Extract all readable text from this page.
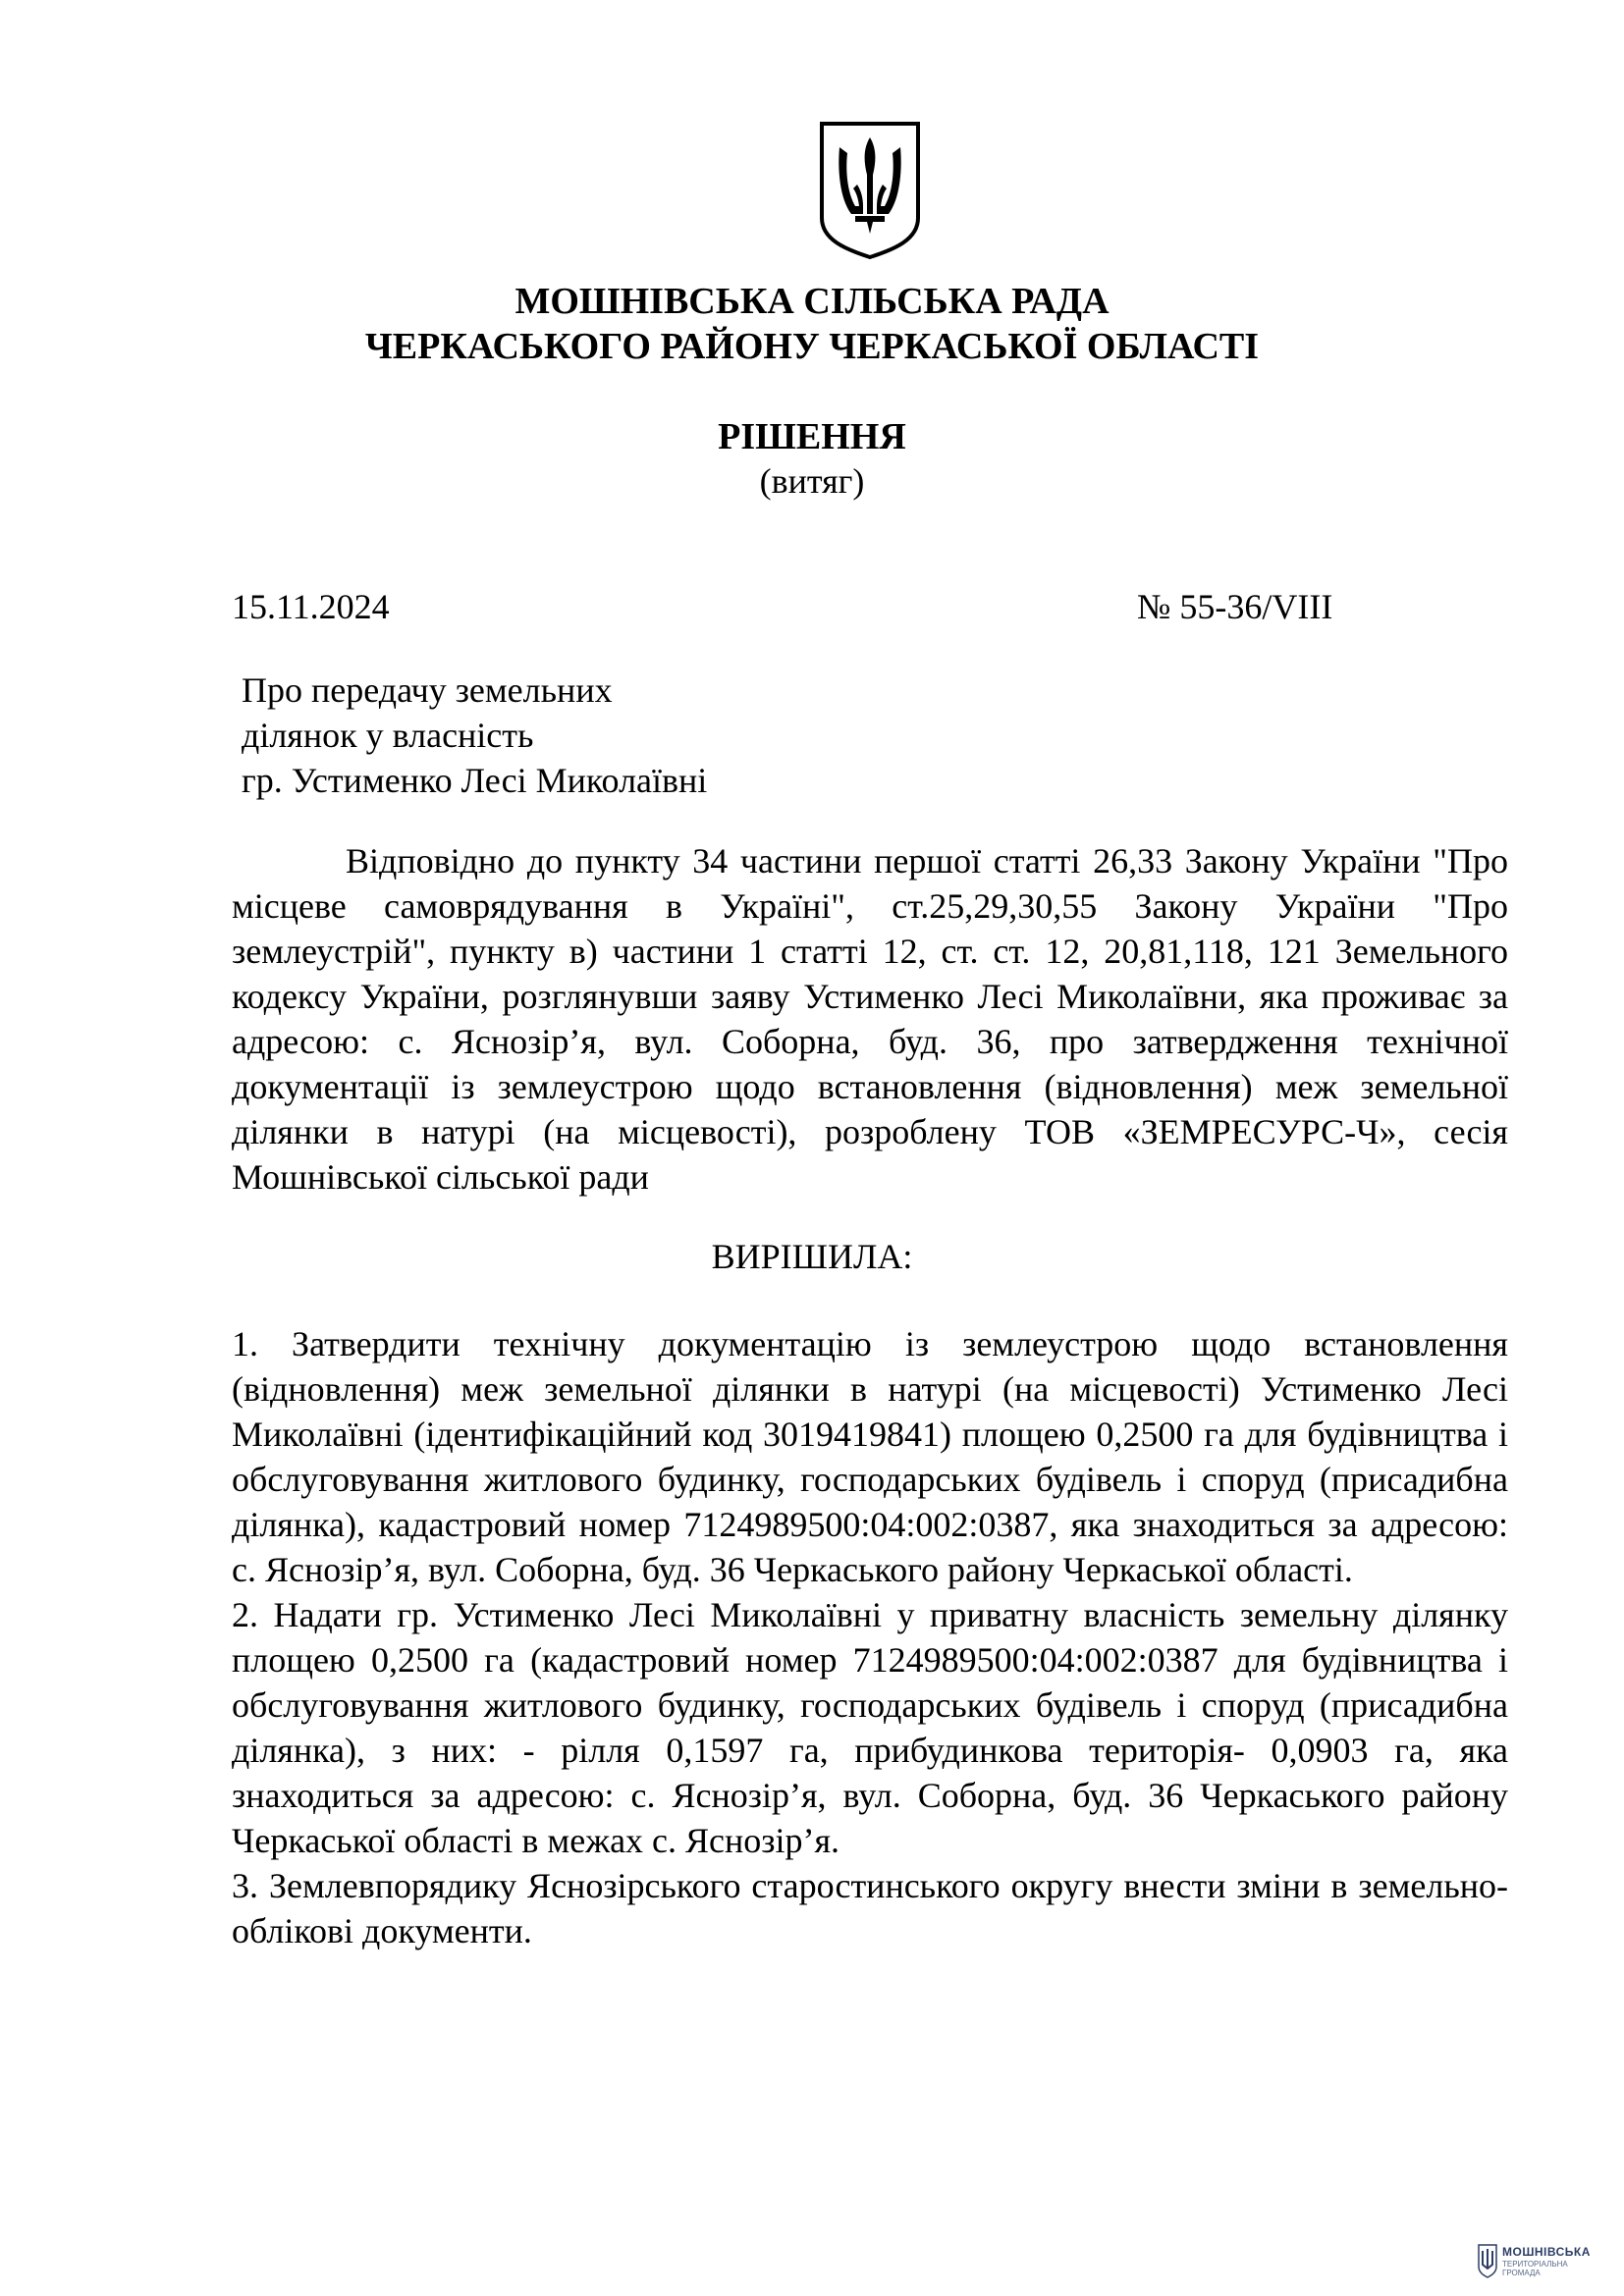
МОШНІВСЬКА СІЛЬСЬКА РАДА
ЧЕРКАСЬКОГО РАЙОНУ ЧЕРКАСЬКОЇ ОБЛАСТІ
РІШЕННЯ
(витяг)
15.11.2024	№ 55-36/VIII
Про передачу земельних
ділянок у власність
гр. Устименко Лесі Миколаївні

Відповідно до пункту 34 частини першої статті 26,33 Закону України "Про місцеве самоврядування в Україні", ст.25,29,30,55 Закону України "Про землеустрій", пункту в) частини 1 статті 12, ст. ст. 12, 20,81,118, 121 Земельного кодексу України, розглянувши заяву Устименко Лесі Миколаївни, яка проживає за адресою: с. Яснозір’я, вул. Соборна, буд. 36, про затвердження технічної документації із землеустрою щодо встановлення (відновлення) меж земельної ділянки в натурі (на місцевості), розроблену ТОВ «ЗЕМРЕСУРС-Ч», сесія Мошнівської сільської ради

ВИРІШИЛА:

1. Затвердити технічну документацію із землеустрою щодо встановлення (відновлення) меж земельної ділянки в натурі (на місцевості) Устименко Лесі Миколаївні (ідентифікаційний код 3019419841) площею 0,2500 га для будівництва і обслуговування житлового будинку, господарських будівель і споруд (присадибна ділянка), кадастровий номер 7124989500:04:002:0387, яка знаходиться за адресою: с. Яснозір’я, вул. Соборна, буд. 36 Черкаського району Черкаської області.

2. Надати гр. Устименко Лесі Миколаївні у приватну власність земельну ділянку площею 0,2500 га (кадастровий номер 7124989500:04:002:0387 для будівництва і обслуговування житлового будинку, господарських будівель і споруд (присадибна ділянка), з них: - рілля 0,1597 га, прибудинкова територія- 0,0903 га, яка знаходиться за адресою: с. Яснозір’я, вул. Соборна, буд. 36 Черкаського району Черкаської області в межах с. Яснозір’я.

3. Землевпорядику Яснозірського старостинського округу внести зміни в земельно-облікові документи.

МОШНІВСЬКА
ТЕРИТОРІАЛЬНА ГРОМАДА
